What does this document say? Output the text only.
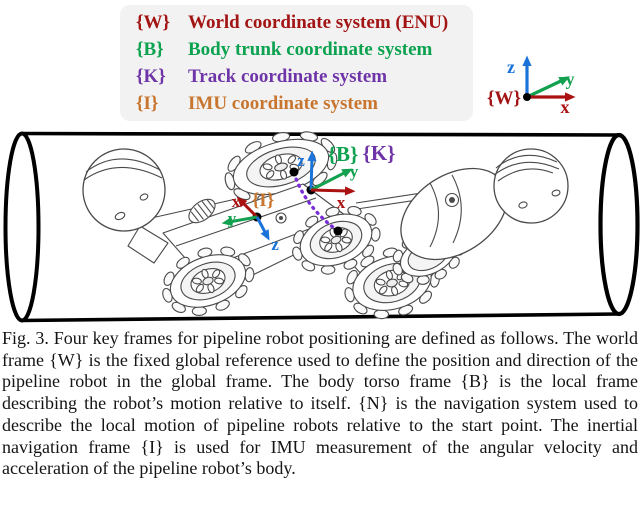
{W} World coordinate system (ENU)
{B}	Body trunk coordinate system
{K}	Track coordinate system
{I}	IMU coordinate system
z
y
x
{W}
{B} {K}
{I}
z
y
x
x
y
z
Fig. 3. Four key frames for pipeline robot positioning are defined as follows. The world frame {W} is the fixed global reference used to define the position and direction of the pipeline robot in the global frame. The body torso frame {B} is the local frame describing the robot’s motion relative to itself. {N} is the navigation system used to describe the local motion of pipeline robots relative to the start point. The inertial navigation frame {I} is used for IMU measurement of the angular velocity and acceleration of the pipeline robot’s body.
